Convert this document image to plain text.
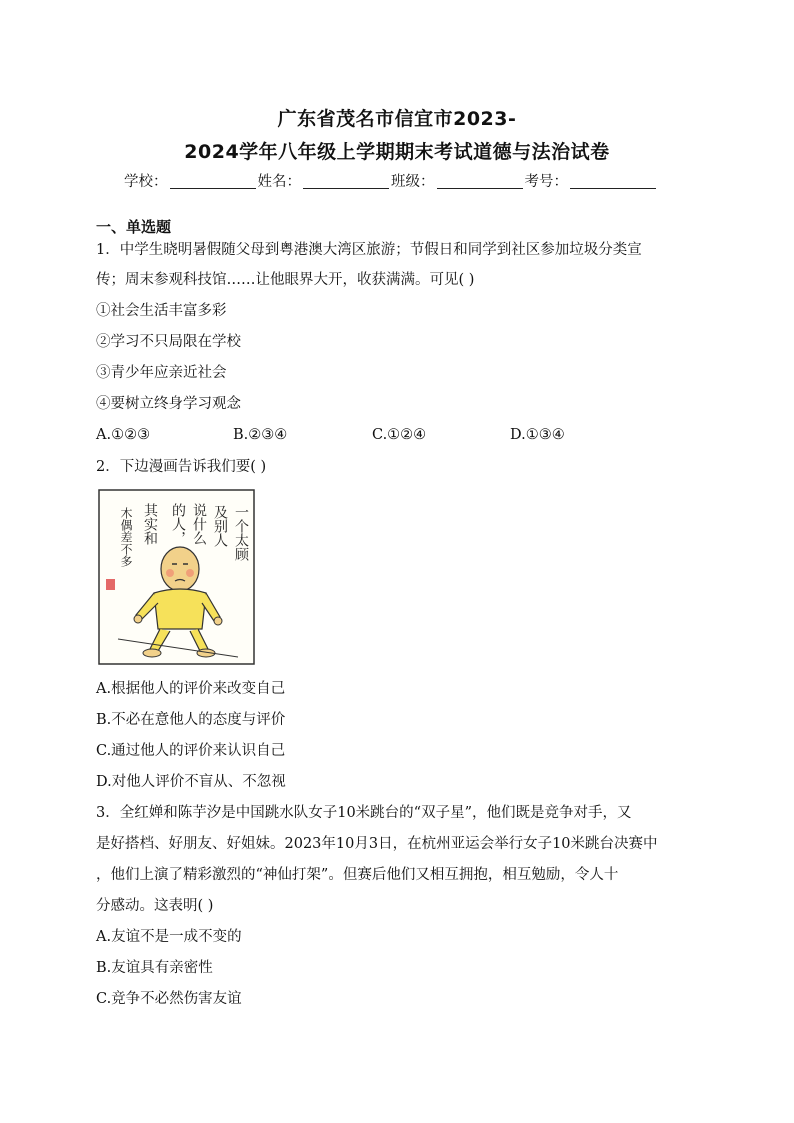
广东省茂名市信宜市2023-
2024学年八年级上学期期末考试道德与法治试卷
学校：	姓名：	班级：	考号：
一、单选题
1．中学生晓明暑假随父母到粤港澳大湾区旅游；节假日和同学到社区参加垃圾分类宣
传；周末参观科技馆……让他眼界大开，收获满满。可见( )
①社会生活丰富多彩
②学习不只局限在学校
③青少年应亲近社会
④要树立终身学习观念
A.①②③	B.②③④	C.①②④	D.①③④
2．下边漫画告诉我们要( )
一个太顾
及别人
说什么
的人，
其实和
木偶差不多
A.根据他人的评价来改变自己
B.不必在意他人的态度与评价
C.通过他人的评价来认识自己
D.对他人评价不盲从、不忽视
3．全红婵和陈芋汐是中国跳水队女子10米跳台的“双子星”，他们既是竞争对手，又
是好搭档、好朋友、好姐妹。2023年10月3日，在杭州亚运会举行女子10米跳台决赛中
，他们上演了精彩激烈的“神仙打架”。但赛后他们又相互拥抱，相互勉励，令人十
分感动。这表明( )
A.友谊不是一成不变的
B.友谊具有亲密性
C.竞争不必然伤害友谊
